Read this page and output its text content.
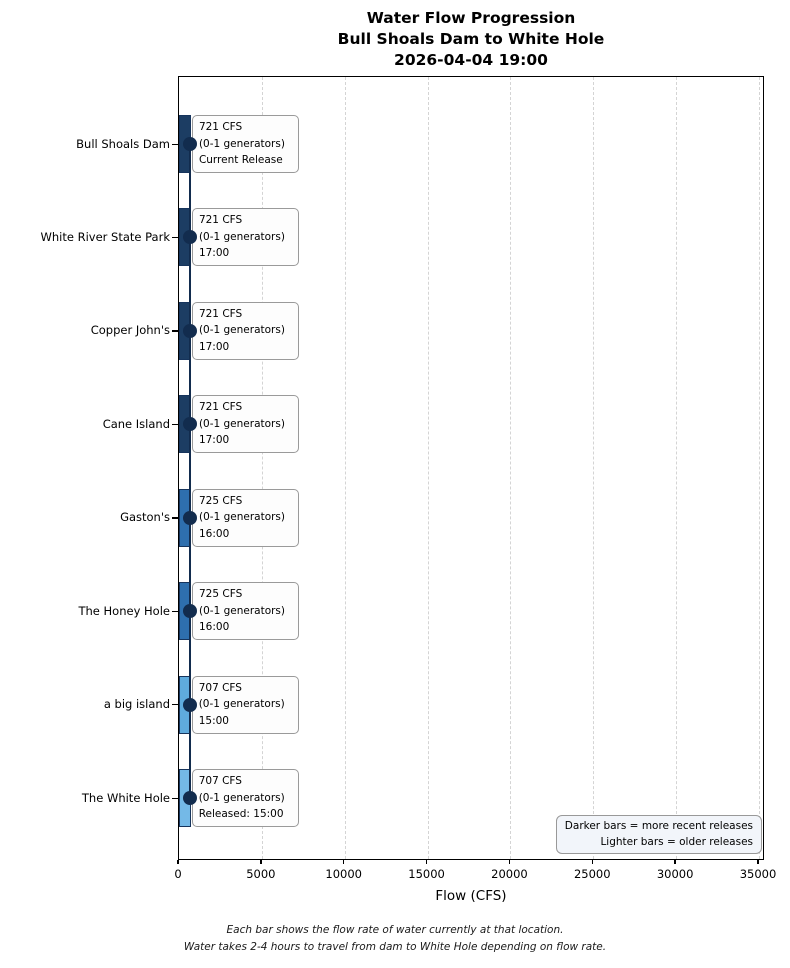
Water Flow Progression
Bull Shoals Dam to White Hole
2026-04-04 19:00
Bull Shoals Dam
721 CFS
(0-1 generators)
Current Release
White River State Park
721 CFS
(0-1 generators)
17:00
Copper John's
721 CFS
(0-1 generators)
17:00
Cane Island
721 CFS
(0-1 generators)
17:00
Gaston's
725 CFS
(0-1 generators)
16:00
The Honey Hole
725 CFS
(0-1 generators)
16:00
a big island
707 CFS
(0-1 generators)
15:00
The White Hole
707 CFS
(0-1 generators)
Released: 15:00
0	5000	10000	15000	20000	25000	30000	35000
Darker bars = more recent releases
Lighter bars = older releases
Flow (CFS)
Each bar shows the flow rate of water currently at that location.
Water takes 2-4 hours to travel from dam to White Hole depending on flow rate.
